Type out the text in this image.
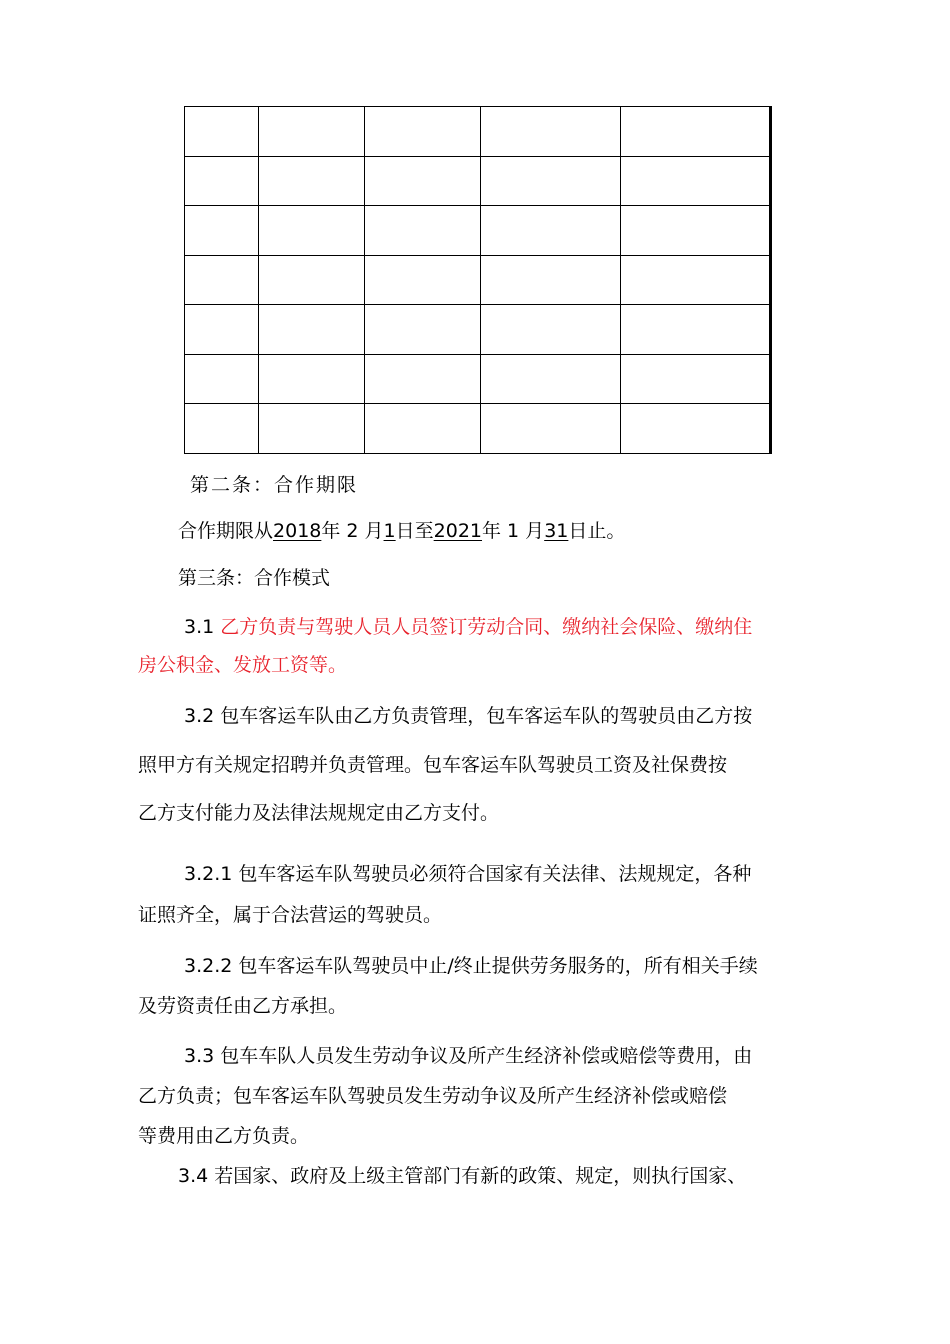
第二条：合作期限

合作期限从2018年 2 月1日至2021年 1 月31日止。

第三条：合作模式

3.1 乙方负责与驾驶人员人员签订劳动合同、缴纳社会保险、缴纳住

房公积金、发放工资等。

3.2 包车客运车队由乙方负责管理，包车客运车队的驾驶员由乙方按

照甲方有关规定招聘并负责管理。包车客运车队驾驶员工资及社保费按

乙方支付能力及法律法规规定由乙方支付。

3.2.1 包车客运车队驾驶员必须符合国家有关法律、法规规定，各种

证照齐全，属于合法营运的驾驶员。

3.2.2 包车客运车队驾驶员中止/终止提供劳务服务的，所有相关手续

及劳资责任由乙方承担。

3.3 包车车队人员发生劳动争议及所产生经济补偿或赔偿等费用，由

乙方负责；包车客运车队驾驶员发生劳动争议及所产生经济补偿或赔偿

等费用由乙方负责。

3.4 若国家、政府及上级主管部门有新的政策、规定，则执行国家、
